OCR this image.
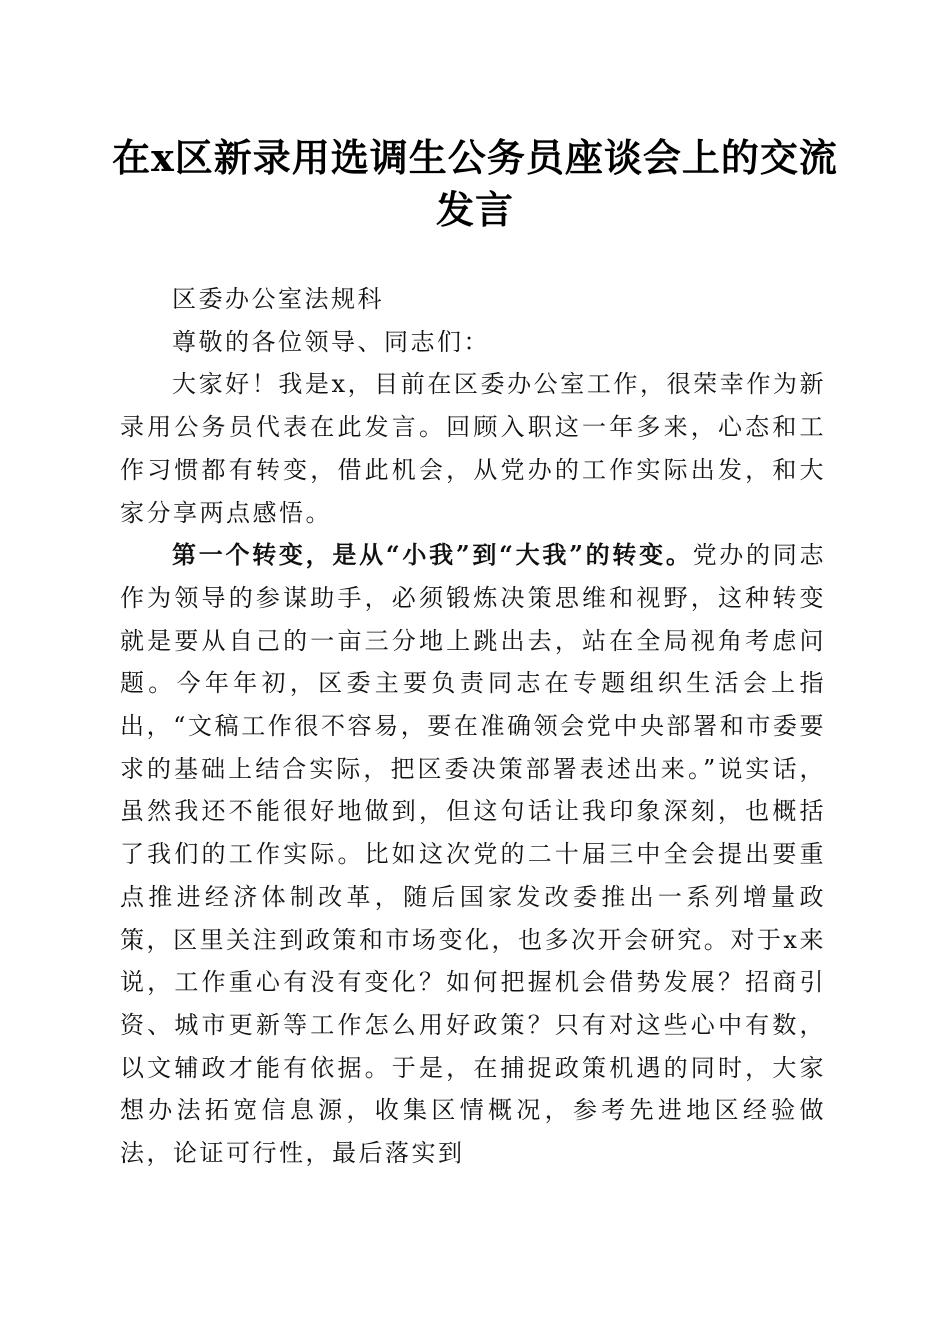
在x区新录用选调生公务员座谈会上的交流发言

区委办公室法规科

尊敬的各位领导、同志们：

大家好！我是x，目前在区委办公室工作，很荣幸作为新录用公务员代表在此发言。回顾入职这一年多来，心态和工作习惯都有转变，借此机会，从党办的工作实际出发，和大家分享两点感悟。

第一个转变，是从“小我”到“大我”的转变。党办的同志作为领导的参谋助手，必须锻炼决策思维和视野，这种转变就是要从自己的一亩三分地上跳出去，站在全局视角考虑问题。今年年初，区委主要负责同志在专题组织生活会上指出，“文稿工作很不容易，要在准确领会党中央部署和市委要求的基础上结合实际，把区委决策部署表述出来。”说实话，虽然我还不能很好地做到，但这句话让我印象深刻，也概括了我们的工作实际。比如这次党的二十届三中全会提出要重点推进经济体制改革，随后国家发改委推出一系列增量政策，区里关注到政策和市场变化，也多次开会研究。对于x来说，工作重心有没有变化？如何把握机会借势发展？招商引资、城市更新等工作怎么用好政策？只有对这些心中有数，以文辅政才能有依据。于是，在捕捉政策机遇的同时，大家想办法拓宽信息源，收集区情概况，参考先进地区经验做法，论证可行性，最后落实到
